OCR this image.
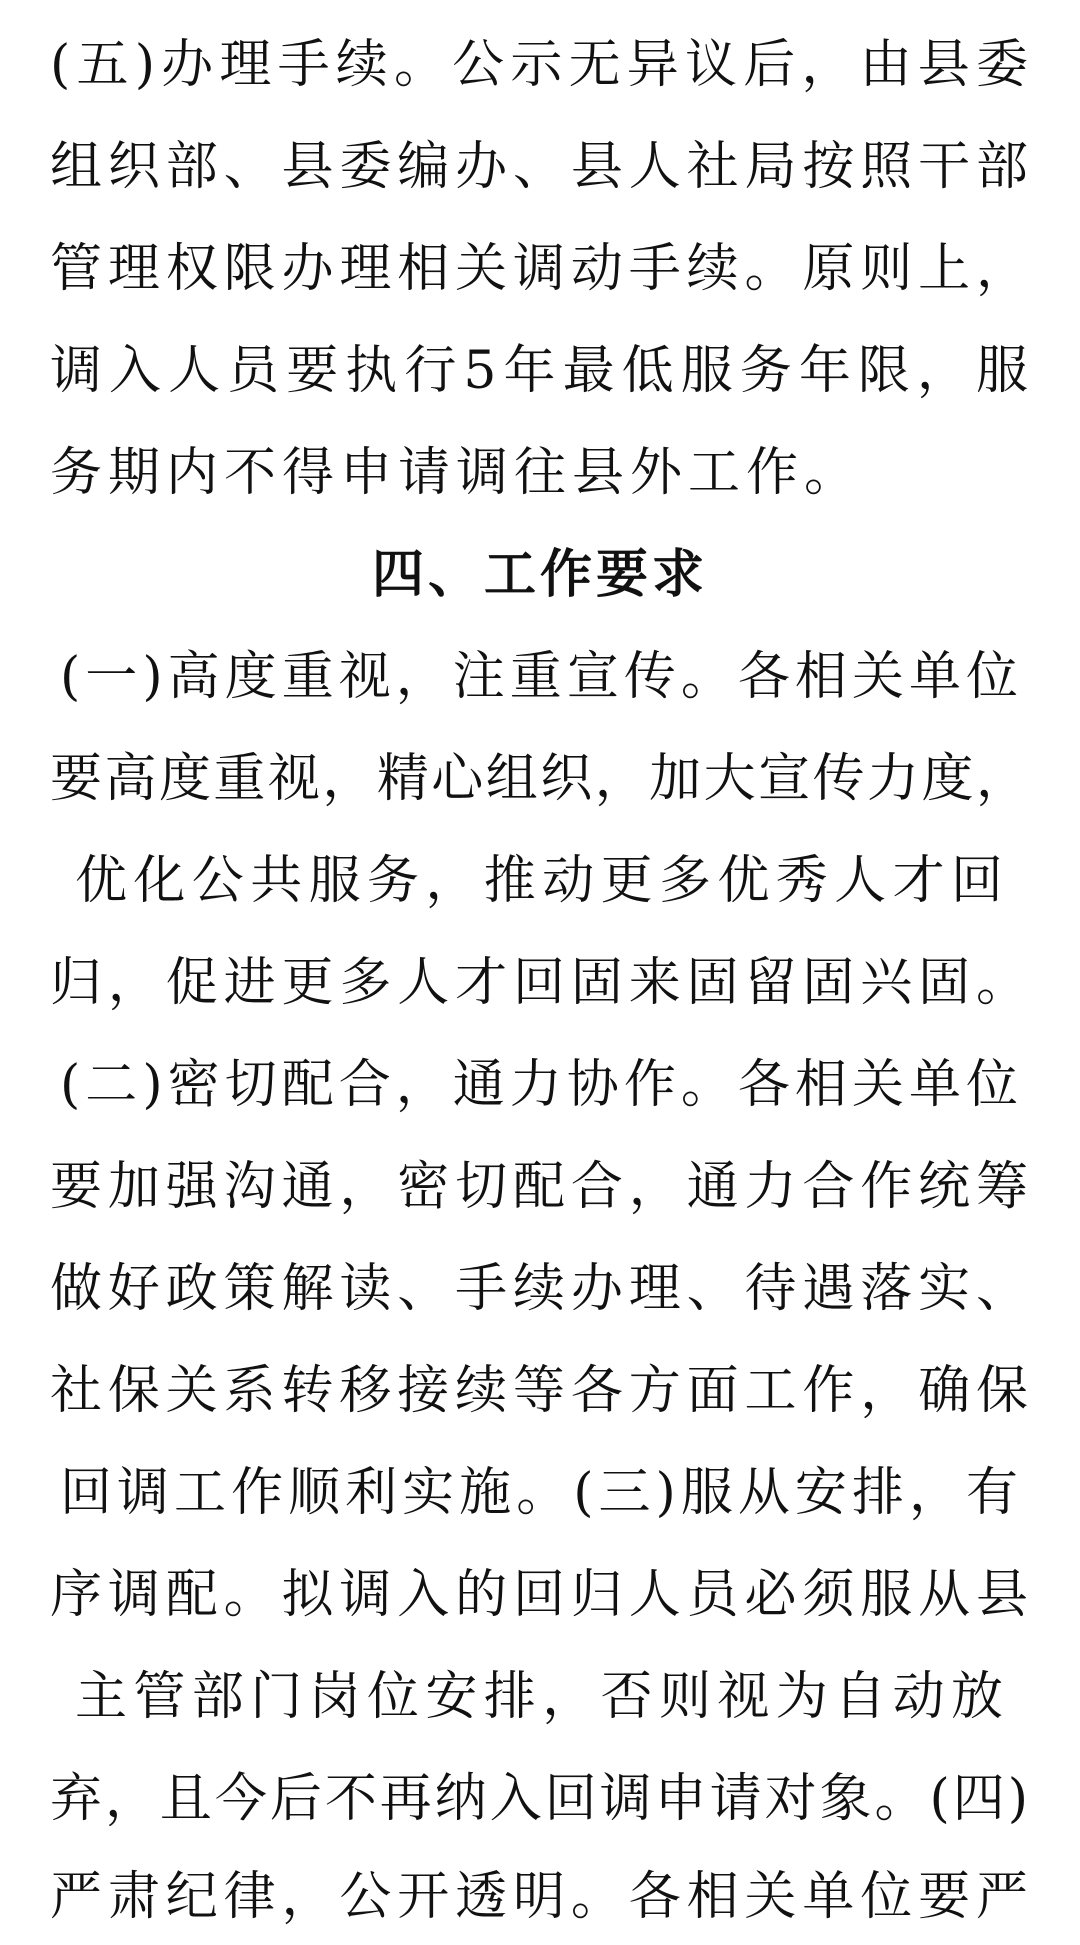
(五)办理手续。公示无异议后，由县委
组织部、县委编办、县人社局按照干部
管理权限办理相关调动手续。原则上，
调入人员要执行5年最低服务年限，服
务期内不得申请调往县外工作。
四、工作要求
(一)高度重视，注重宣传。各相关单位
要高度重视，精心组织，加大宣传力度，
优化公共服务，推动更多优秀人才回
归，促进更多人才回固来固留固兴固。
(二)密切配合，通力协作。各相关单位
要加强沟通，密切配合，通力合作统筹
做好政策解读、手续办理、待遇落实、
社保关系转移接续等各方面工作，确保
回调工作顺利实施。(三)服从安排，有
序调配。拟调入的回归人员必须服从县
主管部门岗位安排，否则视为自动放
弃，且今后不再纳入回调申请对象。(四)
严肃纪律，公开透明。各相关单位要严
